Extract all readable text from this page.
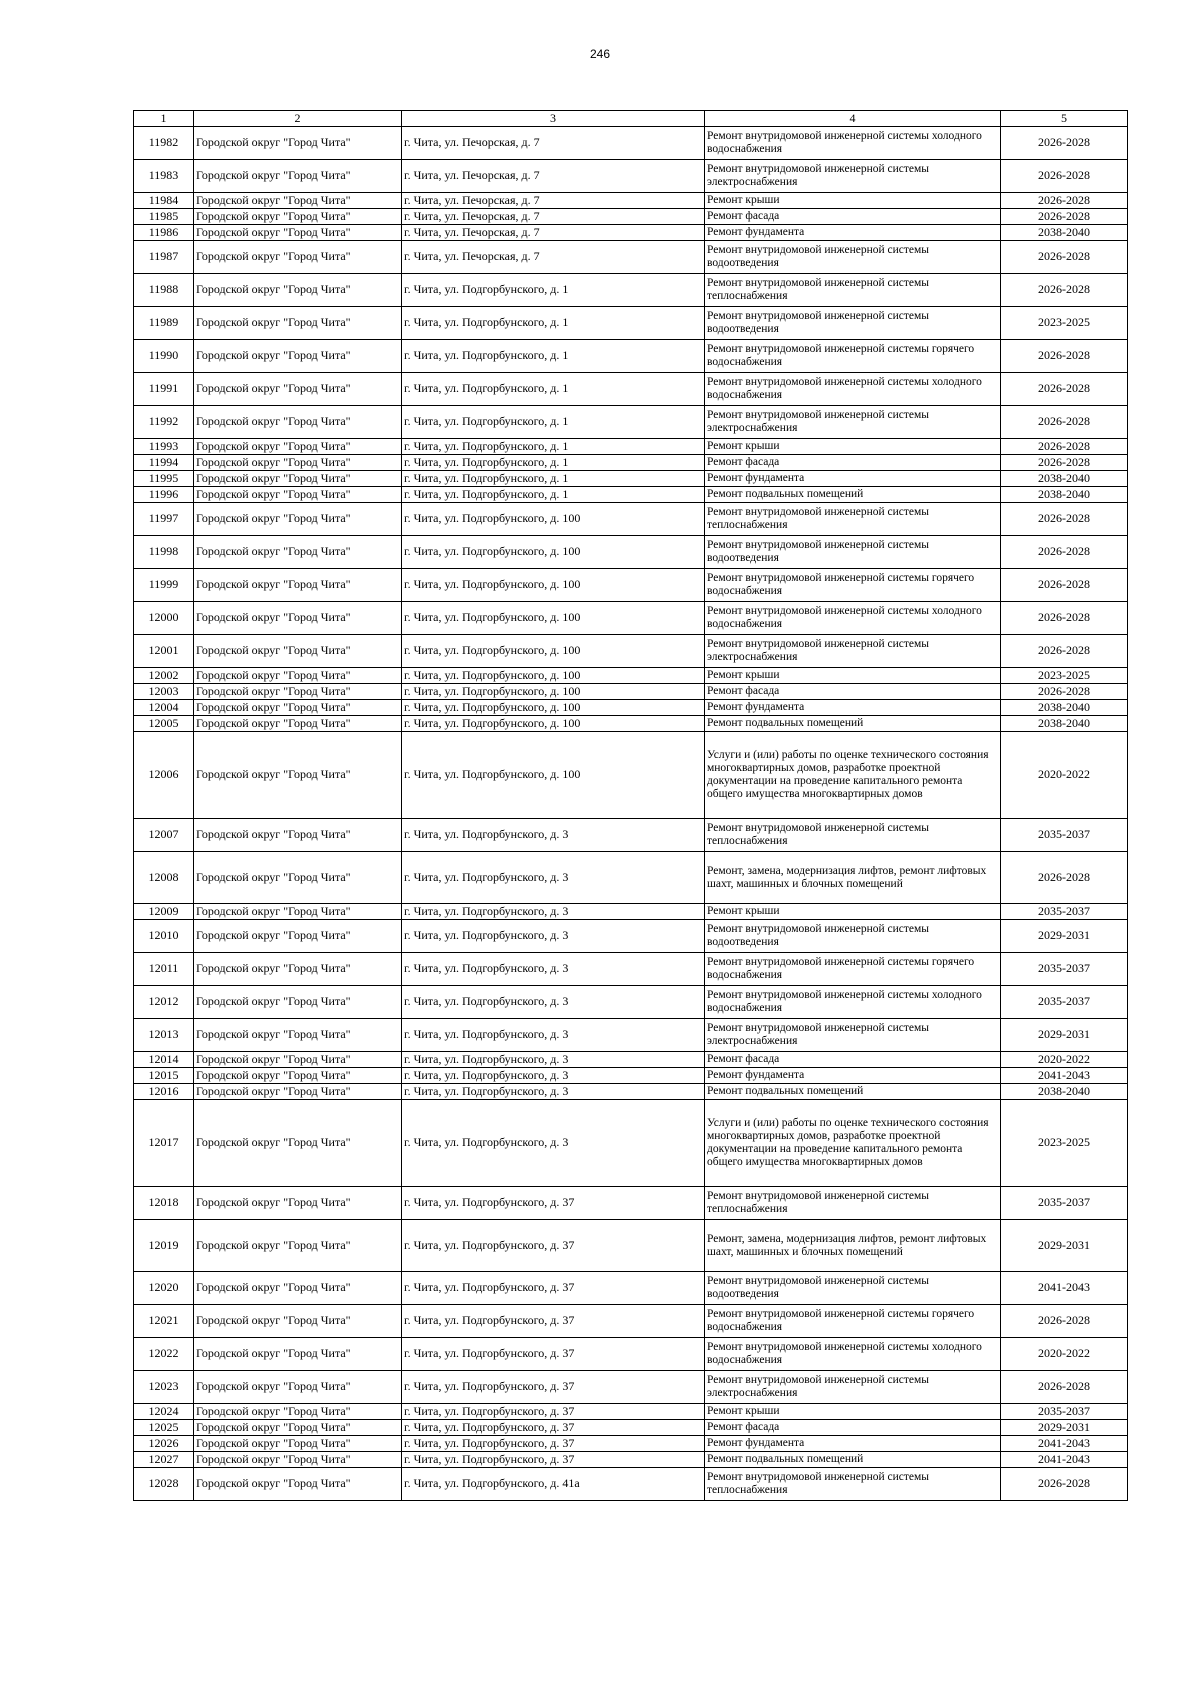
246
1	2	3	4	5
11982	Городской округ "Город Чита"	г. Чита, ул. Печорская, д. 7	Ремонт внутридомовой инженерной системы холодного водоснабжения	2026-2028
11983	Городской округ "Город Чита"	г. Чита, ул. Печорская, д. 7	Ремонт внутридомовой инженерной системы электроснабжения	2026-2028
11984	Городской округ "Город Чита"	г. Чита, ул. Печорская, д. 7	Ремонт крыши	2026-2028
11985	Городской округ "Город Чита"	г. Чита, ул. Печорская, д. 7	Ремонт фасада	2026-2028
11986	Городской округ "Город Чита"	г. Чита, ул. Печорская, д. 7	Ремонт фундамента	2038-2040
11987	Городской округ "Город Чита"	г. Чита, ул. Печорская, д. 7	Ремонт внутридомовой инженерной системы водоотведения	2026-2028
11988	Городской округ "Город Чита"	г. Чита, ул. Подгорбунского, д. 1	Ремонт внутридомовой инженерной системы теплоснабжения	2026-2028
11989	Городской округ "Город Чита"	г. Чита, ул. Подгорбунского, д. 1	Ремонт внутридомовой инженерной системы водоотведения	2023-2025
11990	Городской округ "Город Чита"	г. Чита, ул. Подгорбунского, д. 1	Ремонт внутридомовой инженерной системы горячего водоснабжения	2026-2028
11991	Городской округ "Город Чита"	г. Чита, ул. Подгорбунского, д. 1	Ремонт внутридомовой инженерной системы холодного водоснабжения	2026-2028
11992	Городской округ "Город Чита"	г. Чита, ул. Подгорбунского, д. 1	Ремонт внутридомовой инженерной системы электроснабжения	2026-2028
11993	Городской округ "Город Чита"	г. Чита, ул. Подгорбунского, д. 1	Ремонт крыши	2026-2028
11994	Городской округ "Город Чита"	г. Чита, ул. Подгорбунского, д. 1	Ремонт фасада	2026-2028
11995	Городской округ "Город Чита"	г. Чита, ул. Подгорбунского, д. 1	Ремонт фундамента	2038-2040
11996	Городской округ "Город Чита"	г. Чита, ул. Подгорбунского, д. 1	Ремонт подвальных помещений	2038-2040
11997	Городской округ "Город Чита"	г. Чита, ул. Подгорбунского, д. 100	Ремонт внутридомовой инженерной системы теплоснабжения	2026-2028
11998	Городской округ "Город Чита"	г. Чита, ул. Подгорбунского, д. 100	Ремонт внутридомовой инженерной системы водоотведения	2026-2028
11999	Городской округ "Город Чита"	г. Чита, ул. Подгорбунского, д. 100	Ремонт внутридомовой инженерной системы горячего водоснабжения	2026-2028
12000	Городской округ "Город Чита"	г. Чита, ул. Подгорбунского, д. 100	Ремонт внутридомовой инженерной системы холодного водоснабжения	2026-2028
12001	Городской округ "Город Чита"	г. Чита, ул. Подгорбунского, д. 100	Ремонт внутридомовой инженерной системы электроснабжения	2026-2028
12002	Городской округ "Город Чита"	г. Чита, ул. Подгорбунского, д. 100	Ремонт крыши	2023-2025
12003	Городской округ "Город Чита"	г. Чита, ул. Подгорбунского, д. 100	Ремонт фасада	2026-2028
12004	Городской округ "Город Чита"	г. Чита, ул. Подгорбунского, д. 100	Ремонт фундамента	2038-2040
12005	Городской округ "Город Чита"	г. Чита, ул. Подгорбунского, д. 100	Ремонт подвальных помещений	2038-2040
12006	Городской округ "Город Чита"	г. Чита, ул. Подгорбунского, д. 100	Услуги и (или) работы по оценке технического состояния многоквартирных домов, разработке проектной документации на проведение капитального ремонта общего имущества многоквартирных домов	2020-2022
12007	Городской округ "Город Чита"	г. Чита, ул. Подгорбунского, д. 3	Ремонт внутридомовой инженерной системы теплоснабжения	2035-2037
12008	Городской округ "Город Чита"	г. Чита, ул. Подгорбунского, д. 3	Ремонт, замена, модернизация лифтов, ремонт лифтовых шахт, машинных и блочных помещений	2026-2028
12009	Городской округ "Город Чита"	г. Чита, ул. Подгорбунского, д. 3	Ремонт крыши	2035-2037
12010	Городской округ "Город Чита"	г. Чита, ул. Подгорбунского, д. 3	Ремонт внутридомовой инженерной системы водоотведения	2029-2031
12011	Городской округ "Город Чита"	г. Чита, ул. Подгорбунского, д. 3	Ремонт внутридомовой инженерной системы горячего водоснабжения	2035-2037
12012	Городской округ "Город Чита"	г. Чита, ул. Подгорбунского, д. 3	Ремонт внутридомовой инженерной системы холодного водоснабжения	2035-2037
12013	Городской округ "Город Чита"	г. Чита, ул. Подгорбунского, д. 3	Ремонт внутридомовой инженерной системы электроснабжения	2029-2031
12014	Городской округ "Город Чита"	г. Чита, ул. Подгорбунского, д. 3	Ремонт фасада	2020-2022
12015	Городской округ "Город Чита"	г. Чита, ул. Подгорбунского, д. 3	Ремонт фундамента	2041-2043
12016	Городской округ "Город Чита"	г. Чита, ул. Подгорбунского, д. 3	Ремонт подвальных помещений	2038-2040
12017	Городской округ "Город Чита"	г. Чита, ул. Подгорбунского, д. 3	Услуги и (или) работы по оценке технического состояния многоквартирных домов, разработке проектной документации на проведение капитального ремонта общего имущества многоквартирных домов	2023-2025
12018	Городской округ "Город Чита"	г. Чита, ул. Подгорбунского, д. 37	Ремонт внутридомовой инженерной системы теплоснабжения	2035-2037
12019	Городской округ "Город Чита"	г. Чита, ул. Подгорбунского, д. 37	Ремонт, замена, модернизация лифтов, ремонт лифтовых шахт, машинных и блочных помещений	2029-2031
12020	Городской округ "Город Чита"	г. Чита, ул. Подгорбунского, д. 37	Ремонт внутридомовой инженерной системы водоотведения	2041-2043
12021	Городской округ "Город Чита"	г. Чита, ул. Подгорбунского, д. 37	Ремонт внутридомовой инженерной системы горячего водоснабжения	2026-2028
12022	Городской округ "Город Чита"	г. Чита, ул. Подгорбунского, д. 37	Ремонт внутридомовой инженерной системы холодного водоснабжения	2020-2022
12023	Городской округ "Город Чита"	г. Чита, ул. Подгорбунского, д. 37	Ремонт внутридомовой инженерной системы электроснабжения	2026-2028
12024	Городской округ "Город Чита"	г. Чита, ул. Подгорбунского, д. 37	Ремонт крыши	2035-2037
12025	Городской округ "Город Чита"	г. Чита, ул. Подгорбунского, д. 37	Ремонт фасада	2029-2031
12026	Городской округ "Город Чита"	г. Чита, ул. Подгорбунского, д. 37	Ремонт фундамента	2041-2043
12027	Городской округ "Город Чита"	г. Чита, ул. Подгорбунского, д. 37	Ремонт подвальных помещений	2041-2043
12028	Городской округ "Город Чита"	г. Чита, ул. Подгорбунского, д. 41а	Ремонт внутридомовой инженерной системы теплоснабжения	2026-2028
